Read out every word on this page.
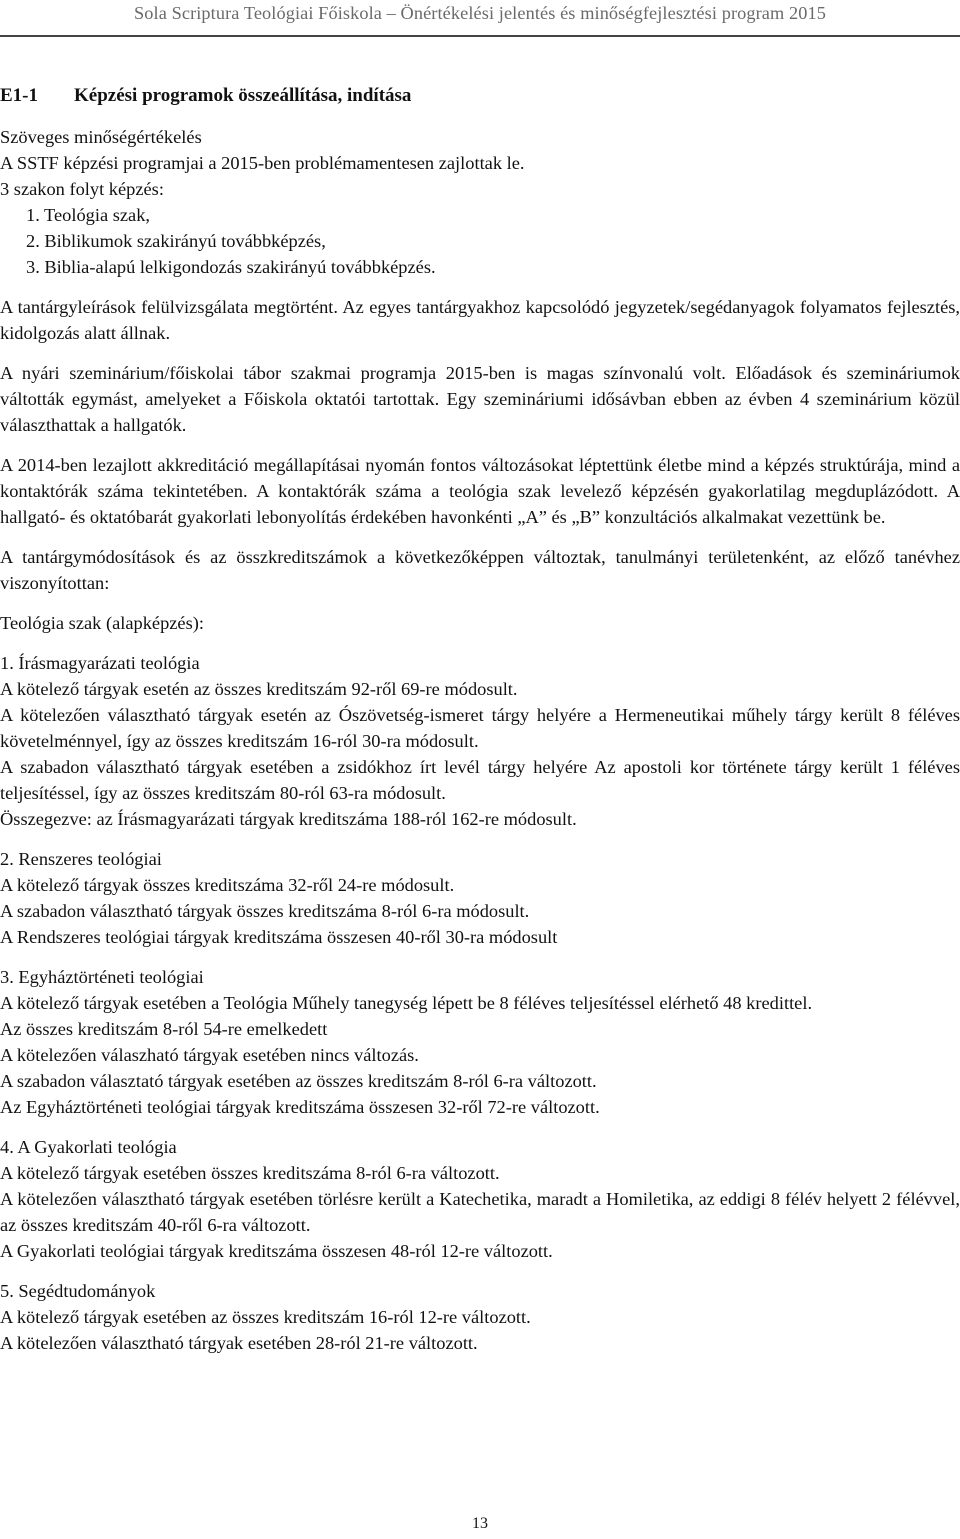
Sola Scriptura Teológiai Főiskola – Önértékelési jelentés és minőségfejlesztési program 2015
E1-1	Képzési programok összeállítása, indítása

Szöveges minőségértékelés

A SSTF képzési programjai a 2015-ben problémamentesen zajlottak le.

3 szakon folyt képzés:

1. Teológia szak,
2. Biblikumok szakirányú továbbképzés,
3. Biblia-alapú lelkigondozás szakirányú továbbképzés.

A tantárgyleírások felülvizsgálata megtörtént. Az egyes tantárgyakhoz kapcsolódó jegyzetek/segédanyagok folyamatos fejlesztés, kidolgozás alatt állnak.

A nyári szeminárium/főiskolai tábor szakmai programja 2015-ben is magas színvonalú volt. Előadások és szemináriumok váltották egymást, amelyeket a Főiskola oktatói tartottak. Egy szemináriumi idősávban ebben az évben 4 szeminárium közül választhattak a hallgatók.

A 2014-ben lezajlott akkreditáció megállapításai nyomán fontos változásokat léptettünk életbe mind a képzés struktúrája, mind a kontaktórák száma tekintetében. A kontaktórák száma a teológia szak levelező képzésén gyakorlatilag megduplázódott. A hallgató- és oktatóbarát gyakorlati lebonyolítás érdekében havonkénti „A” és „B” konzultációs alkalmakat vezettünk be.

A tantárgymódosítások és az összkreditszámok a következőképpen változtak, tanulmányi területenként, az előző tanévhez viszonyítottan:

Teológia szak (alapképzés):

1. Írásmagyarázati teológia

A kötelező tárgyak esetén az összes kreditszám 92-ről 69-re módosult.

A kötelezően választható tárgyak esetén az Ószövetség-ismeret tárgy helyére a Hermeneutikai műhely tárgy került 8 féléves követelménnyel, így az összes kreditszám 16-ról 30-ra módosult.

A szabadon választható tárgyak esetében a zsidókhoz írt levél tárgy helyére Az apostoli kor története tárgy került 1 féléves teljesítéssel, így az összes kreditszám 80-ról 63-ra módosult.

Összegezve: az Írásmagyarázati tárgyak kreditszáma 188-ról 162-re módosult.

2. Renszeres teológiai

A kötelező tárgyak összes kreditszáma 32-ről 24-re módosult.

A szabadon választható tárgyak összes kreditszáma 8-ról 6-ra módosult.

A Rendszeres teológiai tárgyak kreditszáma összesen 40-ről 30-ra módosult

3. Egyháztörténeti teológiai

A kötelező tárgyak esetében a Teológia Műhely tanegység lépett be 8 féléves teljesítéssel elérhető 48 kredittel.

Az összes kreditszám 8-ról 54-re emelkedett

A kötelezően válaszható tárgyak esetében nincs változás.

A szabadon választató tárgyak esetében az összes kreditszám 8-ról 6-ra változott.

Az Egyháztörténeti teológiai tárgyak kreditszáma összesen 32-ről 72-re változott.

4. A Gyakorlati teológia

A kötelező tárgyak esetében összes kreditszáma 8-ról 6-ra változott.

A kötelezően választható tárgyak esetében törlésre került a Katechetika, maradt a Homiletika, az eddigi 8 félév helyett 2 félévvel, az összes kreditszám 40-ről 6-ra változott.

A Gyakorlati teológiai tárgyak kreditszáma összesen 48-ról 12-re változott.

5. Segédtudományok

A kötelező tárgyak esetében az összes kreditszám 16-ról 12-re változott.

A kötelezően választható tárgyak esetében 28-ról 21-re változott.

13
